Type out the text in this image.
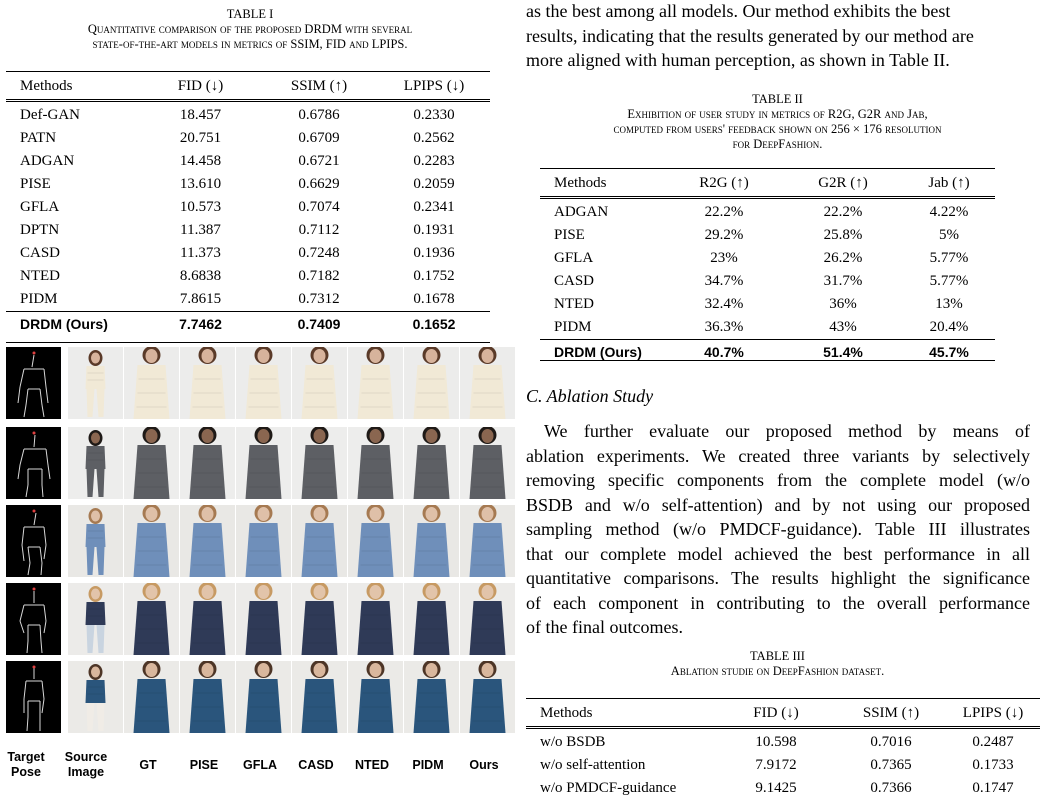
TABLE I
Quantitative comparison of the proposed DRDM with several
state-of-the-art models in metrics of SSIM, FID and LPIPS.
Methods	FID (↓)	SSIM (↑)	LPIPS (↓)
Def-GAN	18.457	0.6786	0.2330
PATN	20.751	0.6709	0.2562
ADGAN	14.458	0.6721	0.2283
PISE	13.610	0.6629	0.2059
GFLA	10.573	0.7074	0.2341
DPTN	11.387	0.7112	0.1931
CASD	11.373	0.7248	0.1936
NTED	8.6838	0.7182	0.1752
PIDM	7.8615	0.7312	0.1678
DRDM (Ours)	7.7462	0.7409	0.1652
Target Pose
Source Image	GT	PISE	GFLA	CASD	NTED	PIDM	Ours
as the best among all models. Our method exhibits the best
results, indicating that the results generated by our method are
more aligned with human perception, as shown in Table II.
TABLE II
Exhibition of user study in metrics of R2G, G2R and Jab,
computed from users' feedback shown on 256 × 176 resolution
for DeepFashion.
Methods	R2G (↑)	G2R (↑)	Jab (↑)
ADGAN	22.2%	22.2%	4.22%
PISE	29.2%	25.8%	5%
GFLA	23%	26.2%	5.77%
CASD	34.7%	31.7%	5.77%
NTED	32.4%	36%	13%
PIDM	36.3%	43%	20.4%
DRDM (Ours)	40.7%	51.4%	45.7%
C. Ablation Study
We further evaluate our proposed method by means of
ablation experiments. We created three variants by selectively
removing specific components from the complete model (w/o
BSDB and w/o self-attention) and by not using our proposed
sampling method (w/o PMDCF-guidance). Table III illustrates
that our complete model achieved the best performance in all
quantitative comparisons. The results highlight the significance
of each component in contributing to the overall performance
of the final outcomes.
TABLE III
Ablation studie on DeepFashion dataset.
Methods	FID (↓)	SSIM (↑)	LPIPS (↓)
w/o BSDB	10.598	0.7016	0.2487
w/o self-attention	7.9172	0.7365	0.1733
w/o PMDCF-guidance	9.1425	0.7366	0.1747
